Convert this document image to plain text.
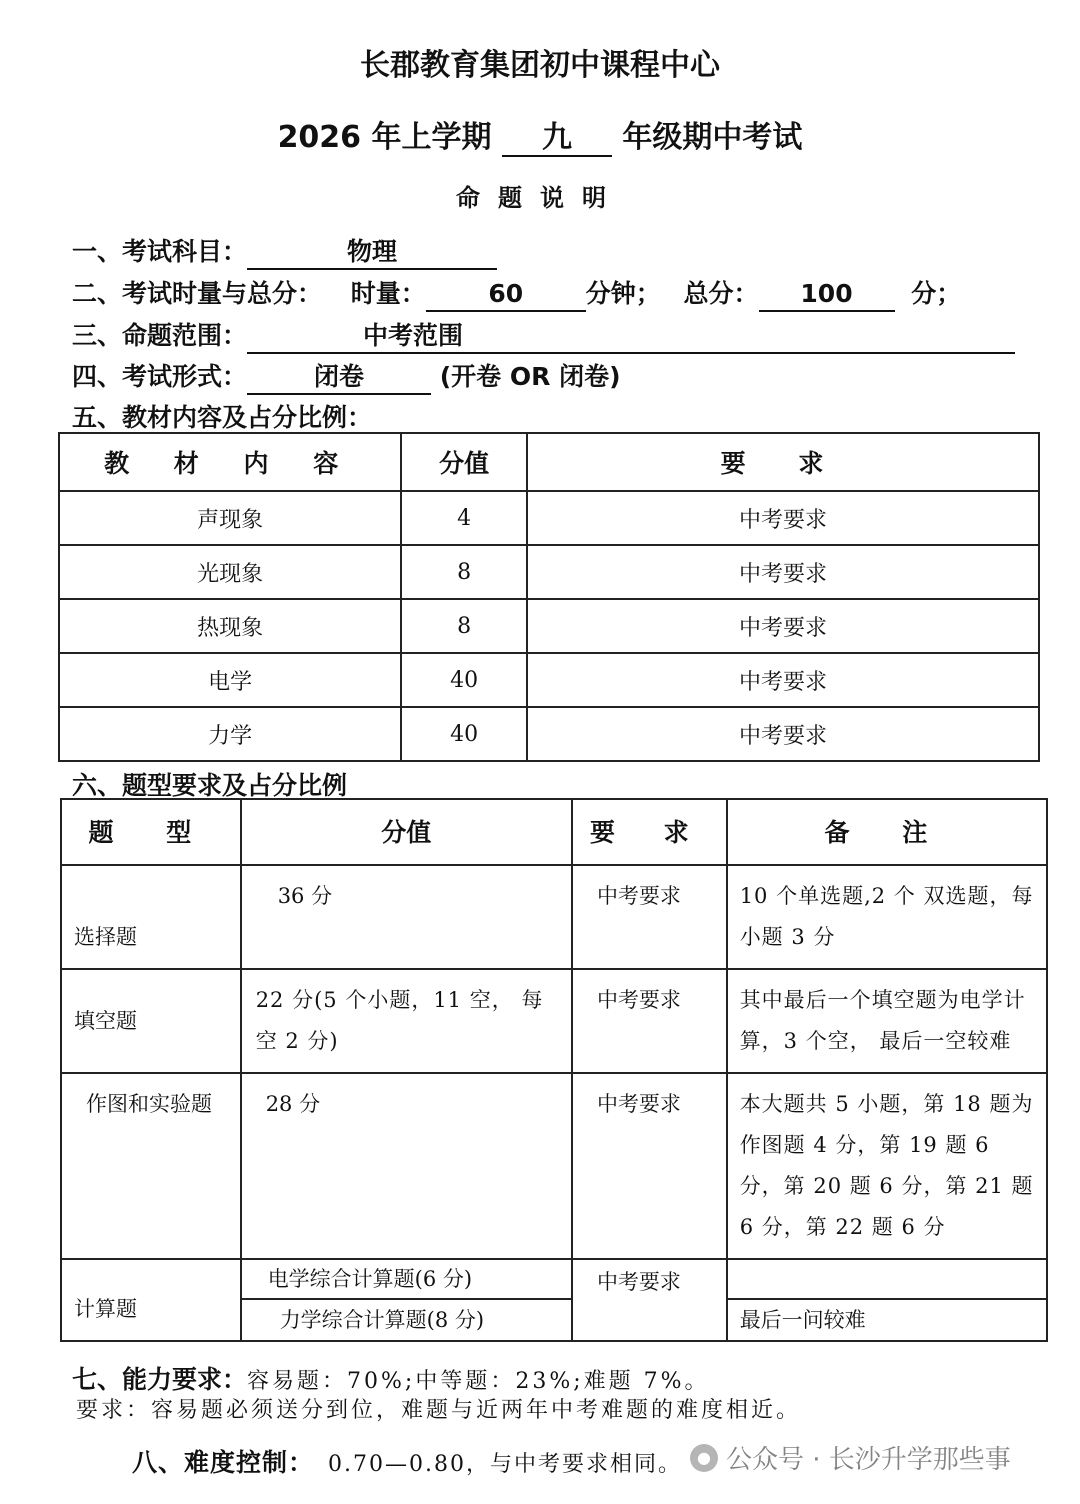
长郡教育集团初中课程中心
2026 年上学期 九 年级期中考试
命题说明
一、考试科目：	物理
二、考试时量与总分： 时量：	60	分钟； 总分： 100 分；
三、命题范围：	中考范围
四、考试形式：	闭卷	(开卷 OR 闭卷)
五、教材内容及占分比例：
教 材 内 容	分值	要 求
声现象	4	中考要求
光现象	8	中考要求
热现象	8	中考要求
电学	40	中考要求
力学	40	中考要求
六、题型要求及占分比例
题 型	分值	要 求	备 注
选择题	36 分	中考要求	10 个单选题,2 个 双选题，每小题 3 分
填空题	22 分(5 个小题，11 空， 每空 2 分)	中考要求	其中最后一个填空题为电学计算，3 个空， 最后一空较难
作图和实验题	28 分	中考要求	本大题共 5 小题，第 18 题为作图题 4 分，第 19 题 6 分，第 20 题 6 分，第 21 题 6 分，第 22 题 6 分
计算题	电学综合计算题(6 分)	中考要求	
	力学综合计算题(8 分)		最后一问较难
七、能力要求：容易题：70%;中等题：23%;难题 7%。
要求：容易题必须送分到位，难题与近两年中考难题的难度相近。
八、难度控制： 0.70—0.80，与中考要求相同。 ● 公众号 · 长沙升学那些事
